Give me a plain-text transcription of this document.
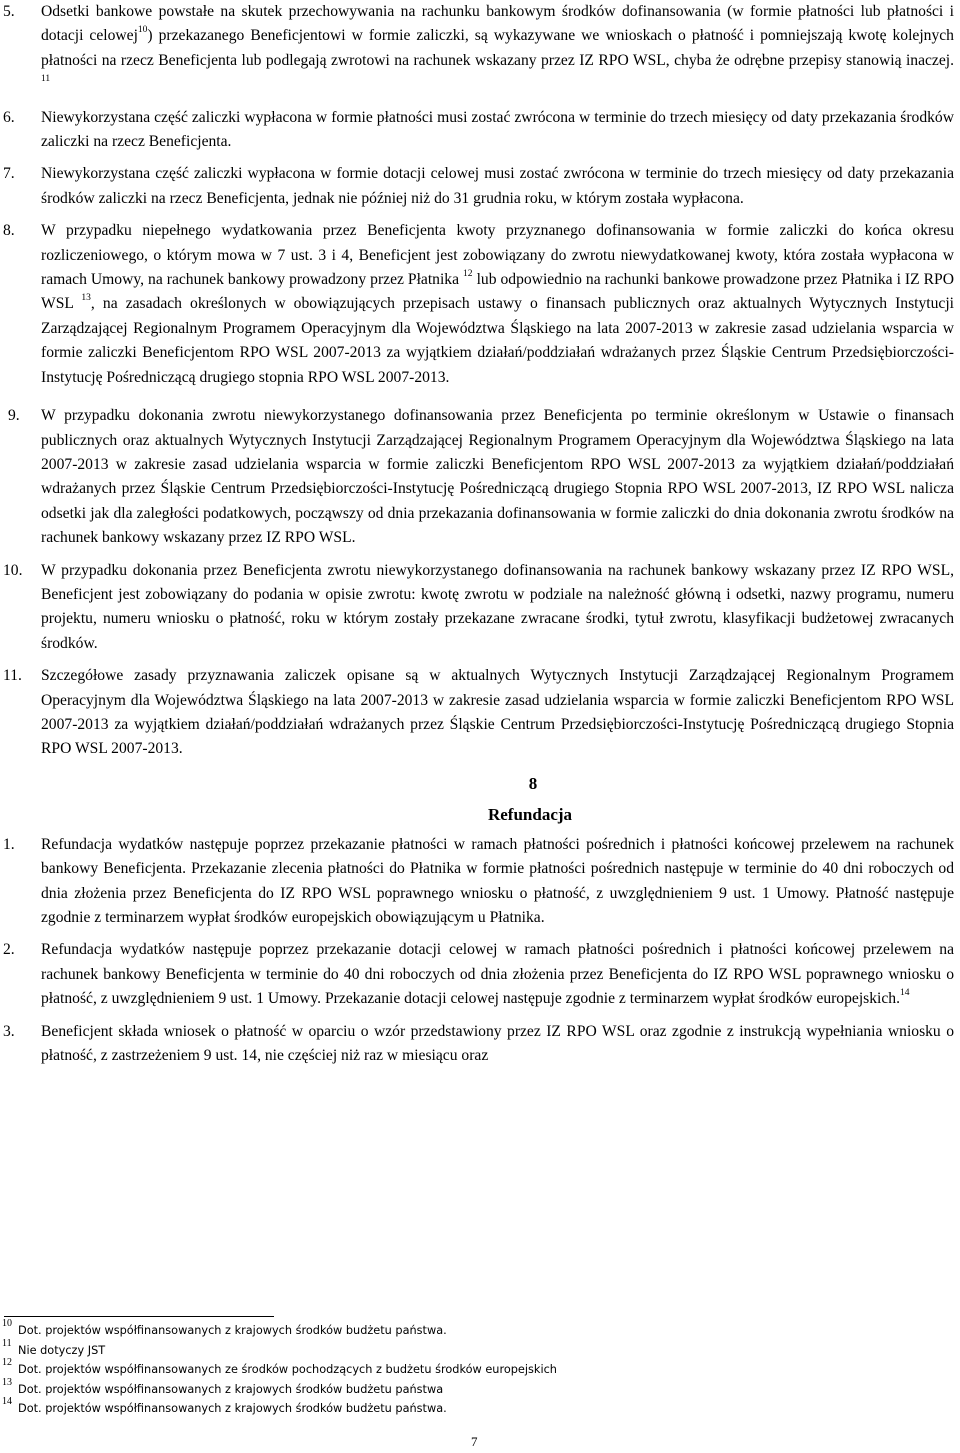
5. Odsetki bankowe powstałe na skutek przechowywania na rachunku bankowym środków dofinansowania (w formie płatności lub płatności i dotacji celowej$^{10}$) przekazanego Beneficjentowi w formie zaliczki, są wykazywane we wnioskach o płatność i pomniejszają kwotę kolejnych płatności na rzecz Beneficjenta lub podlegają zwrotowi na rachunek wskazany przez IZ RPO WSL, chyba że odrębne przepisy stanowią inaczej. $^{11}$
6. Niewykorzystana część zaliczki wypłacona w formie płatności musi zostać zwrócona w terminie do trzech miesięcy od daty przekazania środków zaliczki na rzecz Beneficjenta.
7. Niewykorzystana część zaliczki wypłacona w formie dotacji celowej musi zostać zwrócona w terminie do trzech miesięcy od daty przekazania środków zaliczki na rzecz Beneficjenta, jednak nie później niż do 31 grudnia roku, w którym została wypłacona.
8. W przypadku niepełnego wydatkowania przez Beneficjenta kwoty przyznanego dofinansowania w formie zaliczki do końca okresu rozliczeniowego, o którym mowa w 7 ust. 3 i 4, Beneficjent jest zobowiązany do zwrotu niewydatkowanej kwoty, która została wypłacona w ramach Umowy, na rachunek bankowy prowadzony przez Płatnika $^{12}$ lub odpowiednio na rachunki bankowe prowadzone przez Płatnika i IZ RPO WSL $^{13}$, na zasadach określonych w obowiązujących przepisach ustawy o finansach publicznych oraz aktualnych Wytycznych Instytucji Zarządzającej Regionalnym Programem Operacyjnym dla Województwa Śląskiego na lata 2007-2013 w zakresie zasad udzielania wsparcia w formie zaliczki Beneficjentom RPO WSL 2007-2013 za wyjątkiem działań/poddziałań wdrażanych przez Śląskie Centrum Przedsiębiorczości-Instytucję Pośredniczącą drugiego stopnia RPO WSL 2007-2013.
9. W przypadku dokonania zwrotu niewykorzystanego dofinansowania przez Beneficjenta po terminie określonym w Ustawie o finansach publicznych oraz aktualnych Wytycznych Instytucji Zarządzającej Regionalnym Programem Operacyjnym dla Województwa Śląskiego na lata 2007-2013 w zakresie zasad udzielania wsparcia w formie zaliczki Beneficjentom RPO WSL 2007-2013 za wyjątkiem działań/poddziałań wdrażanych przez Śląskie Centrum Przedsiębiorczości-Instytucję Pośredniczącą drugiego Stopnia RPO WSL 2007-2013, IZ RPO WSL nalicza odsetki jak dla zaległości podatkowych, począwszy od dnia przekazania dofinansowania w formie zaliczki do dnia dokonania zwrotu środków na rachunek bankowy wskazany przez IZ RPO WSL.
10. W przypadku dokonania przez Beneficjenta zwrotu niewykorzystanego dofinansowania na rachunek bankowy wskazany przez IZ RPO WSL, Beneficjent jest zobowiązany do podania w opisie zwrotu: kwotę zwrotu w podziale na należność główną i odsetki, nazwy programu, numeru projektu, numeru wniosku o płatność, roku w którym zostały przekazane zwracane środki, tytuł zwrotu, klasyfikacji budżetowej zwracanych środków.
11. Szczegółowe zasady przyznawania zaliczek opisane są w aktualnych Wytycznych Instytucji Zarządzającej Regionalnym Programem Operacyjnym dla Województwa Śląskiego na lata 2007-2013 w zakresie zasad udzielania wsparcia w formie zaliczki Beneficjentom RPO WSL 2007-2013 za wyjątkiem działań/poddziałań wdrażanych przez Śląskie Centrum Przedsiębiorczości-Instytucję Pośredniczącą drugiego Stopnia RPO WSL 2007-2013.
8
Refundacja
1. Refundacja wydatków następuje poprzez przekazanie płatności w ramach płatności pośrednich i płatności końcowej przelewem na rachunek bankowy Beneficjenta. Przekazanie zlecenia płatności do Płatnika w formie płatności pośrednich następuje w terminie do 40 dni roboczych od dnia złożenia przez Beneficjenta do IZ RPO WSL poprawnego wniosku o płatność, z uwzględnieniem 9 ust. 1 Umowy. Płatność następuje zgodnie z terminarzem wypłat środków europejskich obowiązującym u Płatnika.
2. Refundacja wydatków następuje poprzez przekazanie dotacji celowej w ramach płatności pośrednich i płatności końcowej przelewem na rachunek bankowy Beneficjenta w terminie do 40 dni roboczych od dnia złożenia przez Beneficjenta do IZ RPO WSL poprawnego wniosku o płatność, z uwzględnieniem 9 ust. 1 Umowy. Przekazanie dotacji celowej następuje zgodnie z terminarzem wypłat środków europejskich.$^{14}$
3. Beneficjent składa wniosek o płatność w oparciu o wzór przedstawiony przez IZ RPO WSL oraz zgodnie z instrukcją wypełniania wniosku o płatność, z zastrzeżeniem 9 ust. 14, nie częściej niż raz w miesiącu oraz
10
Dot. projektów współfinansowanych z krajowych środków budżetu państwa.
11
Nie dotyczy JST
12
Dot. projektów współfinansowanych ze środków pochodzących z budżetu środków europejskich
13
Dot. projektów współfinansowanych z krajowych środków budżetu państwa
14
Dot. projektów współfinansowanych z krajowych środków budżetu państwa.
7
